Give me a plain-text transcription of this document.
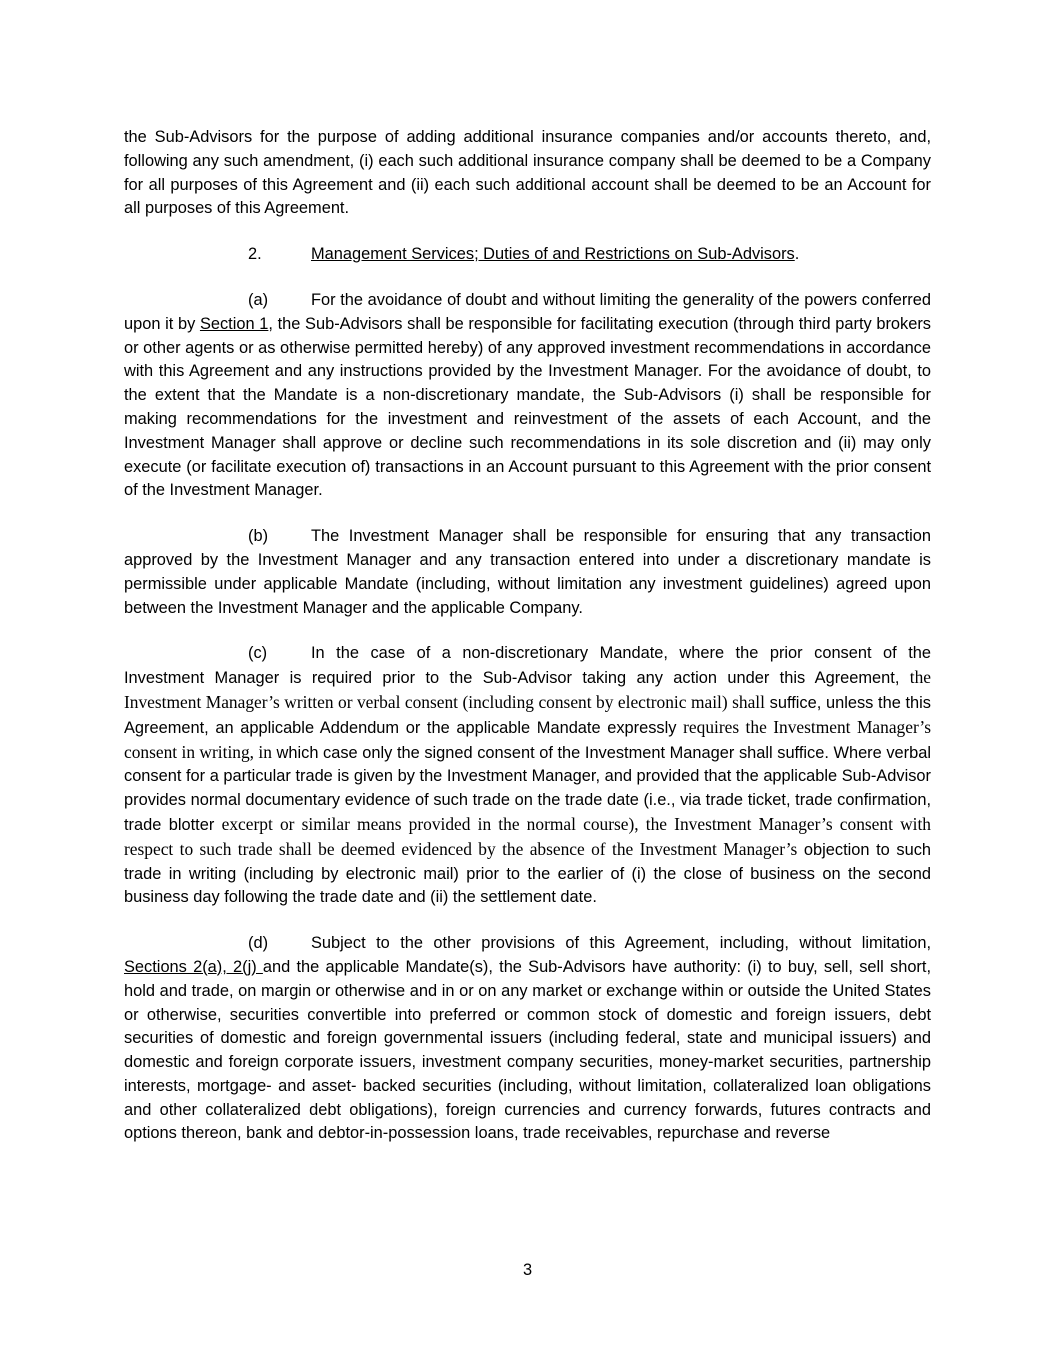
the Sub-Advisors for the purpose of adding additional insurance companies and/or accounts thereto, and, following any such amendment, (i) each such additional insurance company shall be deemed to be a Company for all purposes of this Agreement and (ii) each such additional account shall be deemed to be an Account for all purposes of this Agreement.

2.	Management Services; Duties of and Restrictions on Sub-Advisors.

(a)	For the avoidance of doubt and without limiting the generality of the powers conferred upon it by Section 1, the Sub-Advisors shall be responsible for facilitating execution (through third party brokers or other agents or as otherwise permitted hereby) of any approved investment recommendations in accordance with this Agreement and any instructions provided by the Investment Manager. For the avoidance of doubt, to the extent that the Mandate is a non-discretionary mandate, the Sub-Advisors (i) shall be responsible for making recommendations for the investment and reinvestment of the assets of each Account, and the Investment Manager shall approve or decline such recommendations in its sole discretion and (ii) may only execute (or facilitate execution of) transactions in an Account pursuant to this Agreement with the prior consent of the Investment Manager.

(b)	The Investment Manager shall be responsible for ensuring that any transaction approved by the Investment Manager and any transaction entered into under a discretionary mandate is permissible under applicable Mandate (including, without limitation any investment guidelines) agreed upon between the Investment Manager and the applicable Company.

(c)	In the case of a non-discretionary Mandate, where the prior consent of the Investment Manager is required prior to the Sub-Advisor taking any action under this Agreement, the Investment Manager’s written or verbal consent (including consent by electronic mail) shall suffice, unless the this Agreement, an applicable Addendum or the applicable Mandate expressly requires the Investment Manager’s consent in writing, in which case only the signed consent of the Investment Manager shall suffice. Where verbal consent for a particular trade is given by the Investment Manager, and provided that the applicable Sub-Advisor provides normal documentary evidence of such trade on the trade date (i.e., via trade ticket, trade confirmation, trade blotter excerpt or similar means provided in the normal course), the Investment Manager’s consent with respect to such trade shall be deemed evidenced by the absence of the Investment Manager’s objection to such trade in writing (including by electronic mail) prior to the earlier of (i) the close of business on the second business day following the trade date and (ii) the settlement date.

(d)	Subject to the other provisions of this Agreement, including, without limitation, Sections 2(a), 2(j) and the applicable Mandate(s), the Sub-Advisors have authority: (i) to buy, sell, sell short, hold and trade, on margin or otherwise and in or on any market or exchange within or outside the United States or otherwise, securities convertible into preferred or common stock of domestic and foreign issuers, debt securities of domestic and foreign governmental issuers (including federal, state and municipal issuers) and domestic and foreign corporate issuers, investment company securities, money-market securities, partnership interests, mortgage- and asset- backed securities (including, without limitation, collateralized loan obligations and other collateralized debt obligations), foreign currencies and currency forwards, futures contracts and options thereon, bank and debtor-in-possession loans, trade receivables, repurchase and reverse

3
